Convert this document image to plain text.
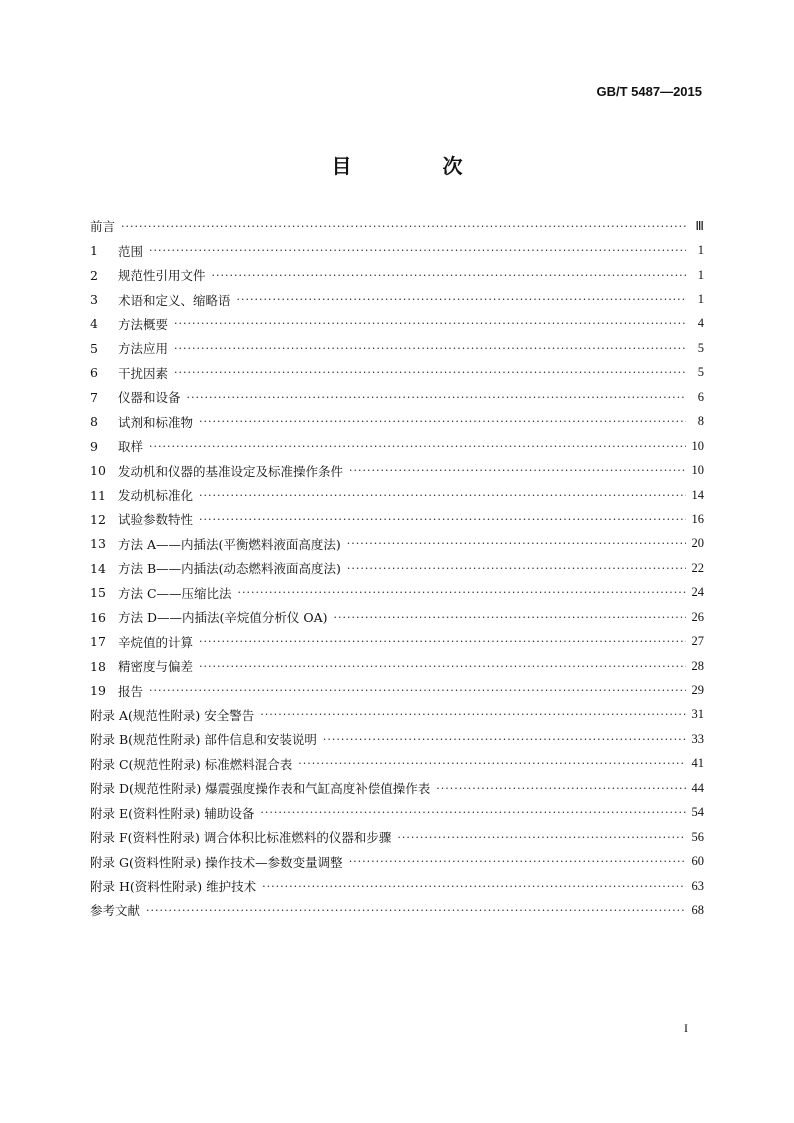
GB/T 5487—2015
目 次
前言 ·····	Ⅲ
1	范围 ·····	1
2	规范性引用文件 ·····	1
3	术语和定义、缩略语 ·····	1
4	方法概要 ·····	4
5	方法应用 ·····	5
6	干扰因素 ·····	5
7	仪器和设备 ·····	6
8	试剂和标准物 ·····	8
9	取样 ·····	10
10 发动机和仪器的基准设定及标准操作条件 ·····	10
11 发动机标准化 ·····	14
12 试验参数特性 ·····	16
13 方法 A——内插法(平衡燃料液面高度法) ·····	20
14 方法 B——内插法(动态燃料液面高度法) ·····	22
15 方法 C——压缩比法 ·····	24
16 方法 D——内插法(辛烷值分析仪 OA) ·····	26
17 辛烷值的计算 ·····	27
18 精密度与偏差 ·····	28
19 报告 ·····	29
附录 A(规范性附录) 安全警告 ·····	31
附录 B(规范性附录) 部件信息和安装说明 ·····	33
附录 C(规范性附录) 标准燃料混合表 ·····	41
附录 D(规范性附录) 爆震强度操作表和气缸高度补偿值操作表 ·····	44
附录 E(资料性附录) 辅助设备 ·····	54
附录 F(资料性附录) 调合体积比标准燃料的仪器和步骤 ·····	56
附录 G(资料性附录) 操作技术—参数变量调整 ·····	60
附录 H(资料性附录) 维护技术 ·····	63
参考文献 ·····	68
I
